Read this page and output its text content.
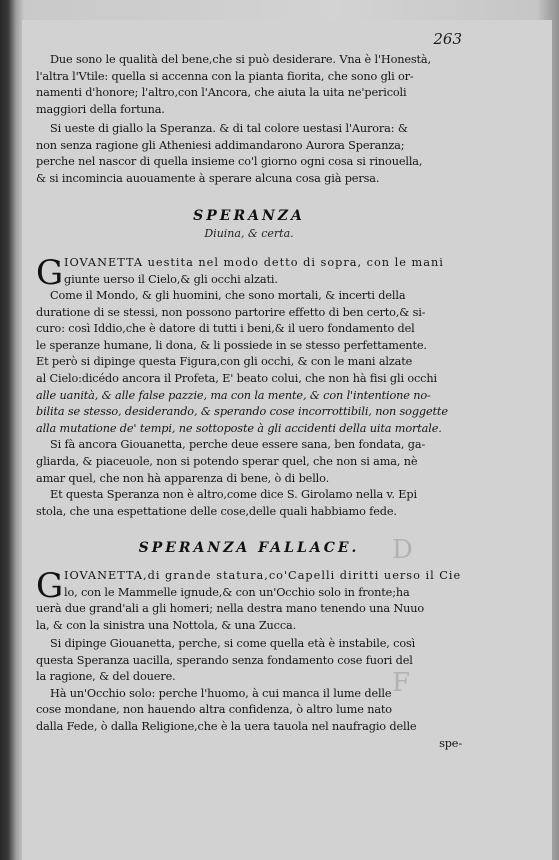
D
F
263
Due sono le qualità del bene,che si può desiderare. Vna è l'Honestà,
l'altra l'Vtile: quella si accenna con la pianta fiorita, che sono gli or-
namenti d'honore; l'altro,con l'Ancora, che aiuta la uita ne'pericoli
maggiori della fortuna.
Si ueste di giallo la Speranza. & di tal colore uestasi l'Aurora: &
non senza ragione gli Atheniesi addimandarono Aurora Speranza;
perche nel nascor di quella insieme co'l giorno ogni cosa si rinouella,
& si incomincia auouamente à sperare alcuna cosa già persa.
SPERANZA
Diuina, & certa.
G IOVANETTA uestita nel modo detto di sopra, con le mani
giunte uerso il Cielo,& gli occhi alzati.
Come il Mondo, & gli huomini, che sono mortali, & incerti della
duratione di se stessi, non possono partorire effetto di ben certo,& si-
curo: così Iddio,che è datore di tutti i beni,& il uero fondamento del
le speranze humane, li dona, & li possiede in se stesso perfettamente.
Et però si dipinge questa Figura,con gli occhi, & con le mani alzate
al Cielo:dicédo ancora il Profeta, E' beato colui, che non hà fisi gli occhi
alle uanità, & alle false pazzie, ma con la mente, & con l'intentione no-
bilita se stesso, desiderando, & sperando cose incorrottibili, non soggette
alla mutatione de' tempi, ne sottoposte à gli accidenti della uita mortale.
Si fà ancora Giouanetta, perche deue essere sana, ben fondata, ga-
gliarda, & piaceuole, non si potendo sperar quel, che non si ama, nè
amar quel, che non hà apparenza di bene, ò di bello.
Et questa Speranza non è altro,come dice S. Girolamo nella v. Epi
stola, che una espettatione delle cose,delle quali habbiamo fede.
SPERANZA FALLACE.
G IOVANETTA,di grande statura,co'Capelli diritti uerso il Cie
lo, con le Mammelle ignude,& con un'Occhio solo in fronte;ha
uerà due grand'ali a gli homeri; nella destra mano tenendo una Nuuo
la, & con la sinistra una Nottola, & una Zucca.
Si dipinge Giouanetta, perche, si come quella età è instabile, così
questa Speranza uacilla, sperando senza fondamento cose fuori del
la ragione, & del douere.
Hà un'Occhio solo: perche l'huomo, à cui manca il lume delle
cose mondane, non hauendo altra confidenza, ò altro lume nato
dalla Fede, ò dalla Religione,che è la uera tauola nel naufragio delle
spe-
